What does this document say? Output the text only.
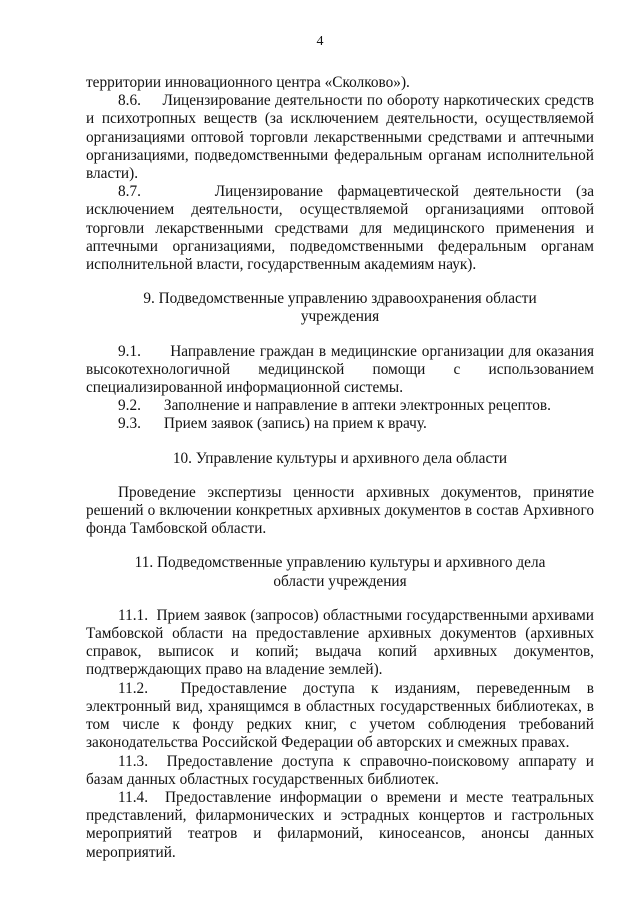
4

территории инновационного центра «Сколково»).

8.6. Лицензирование деятельности по обороту наркотических средств и психотропных веществ (за исключением деятельности, осуществляемой организациями оптовой торговли лекарственными средствами и аптечными организациями, подведомственными федеральным органам исполнительной власти).

8.7.	Лицензирование фармацевтической деятельности (за исключением деятельности, осуществляемой организациями оптовой торговли лекарственными средствами для медицинского применения и аптечными организациями, подведомственными федеральным органам исполнительной власти, государственным академиям наук).

9. Подведомственные управлению здравоохранения области

учреждения

9.1. Направление граждан в медицинские организации для оказания высокотехнологичной медицинской помощи с использованием специализированной информационной системы.

9.2. Заполнение и направление в аптеки электронных рецептов.

9.3. Прием заявок (запись) на прием к врачу.

10. Управление культуры и архивного дела области

Проведение экспертизы ценности архивных документов, принятие решений о включении конкретных архивных документов в состав Архивного фонда Тамбовской области.

11. Подведомственные управлению культуры и архивного дела

области учреждения

11.1. Прием заявок (запросов) областными государственными архивами Тамбовской области на предоставление архивных документов (архивных справок, выписок и копий; выдача копий архивных документов, подтверждающих право на владение землей).

11.2. Предоставление доступа к изданиям, переведенным в электронный вид, хранящимся в областных государственных библиотеках, в том числе к фонду редких книг, с учетом соблюдения требований законодательства Российской Федерации об авторских и смежных правах.

11.3. Предоставление доступа к справочно-поисковому аппарату и базам данных областных государственных библиотек.

11.4. Предоставление информации о времени и месте театральных представлений, филармонических и эстрадных концертов и гастрольных мероприятий театров и филармоний, киносеансов, анонсы данных мероприятий.
